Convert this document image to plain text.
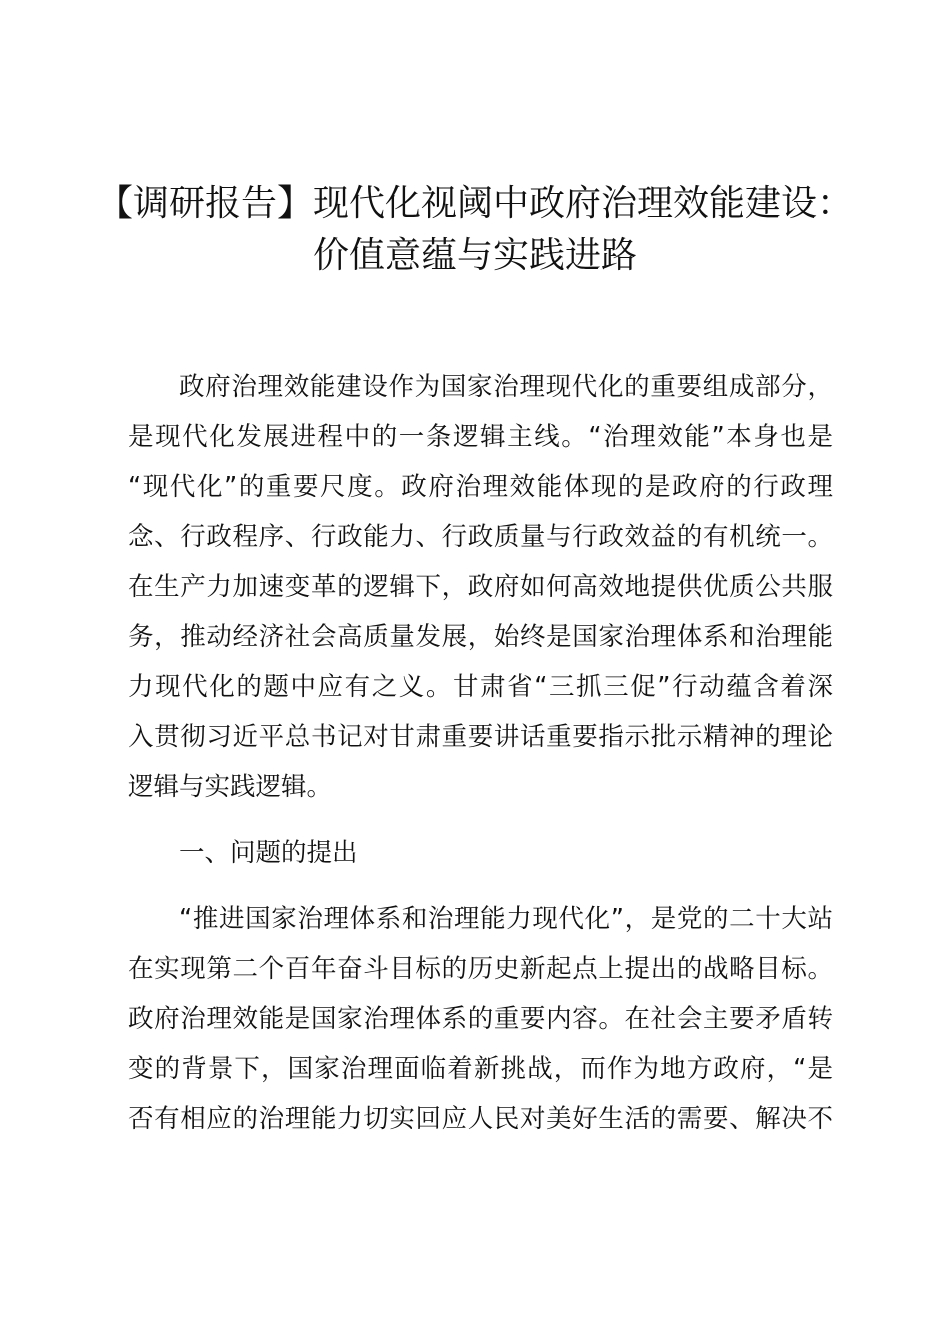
【调研报告】现代化视阈中政府治理效能建设：
价值意蕴与实践进路
政府治理效能建设作为国家治理现代化的重要组成部分，
是现代化发展进程中的一条逻辑主线。“治理效能”本身也是
“现代化”的重要尺度。政府治理效能体现的是政府的行政理
念、行政程序、行政能力、行政质量与行政效益的有机统一。
在生产力加速变革的逻辑下，政府如何高效地提供优质公共服
务，推动经济社会高质量发展，始终是国家治理体系和治理能
力现代化的题中应有之义。甘肃省“三抓三促”行动蕴含着深
入贯彻习近平总书记对甘肃重要讲话重要指示批示精神的理论
逻辑与实践逻辑。
一、问题的提出
“推进国家治理体系和治理能力现代化”，是党的二十大站
在实现第二个百年奋斗目标的历史新起点上提出的战略目标。
政府治理效能是国家治理体系的重要内容。在社会主要矛盾转
变的背景下，国家治理面临着新挑战，而作为地方政府，“是
否有相应的治理能力切实回应人民对美好生活的需要、解决不
